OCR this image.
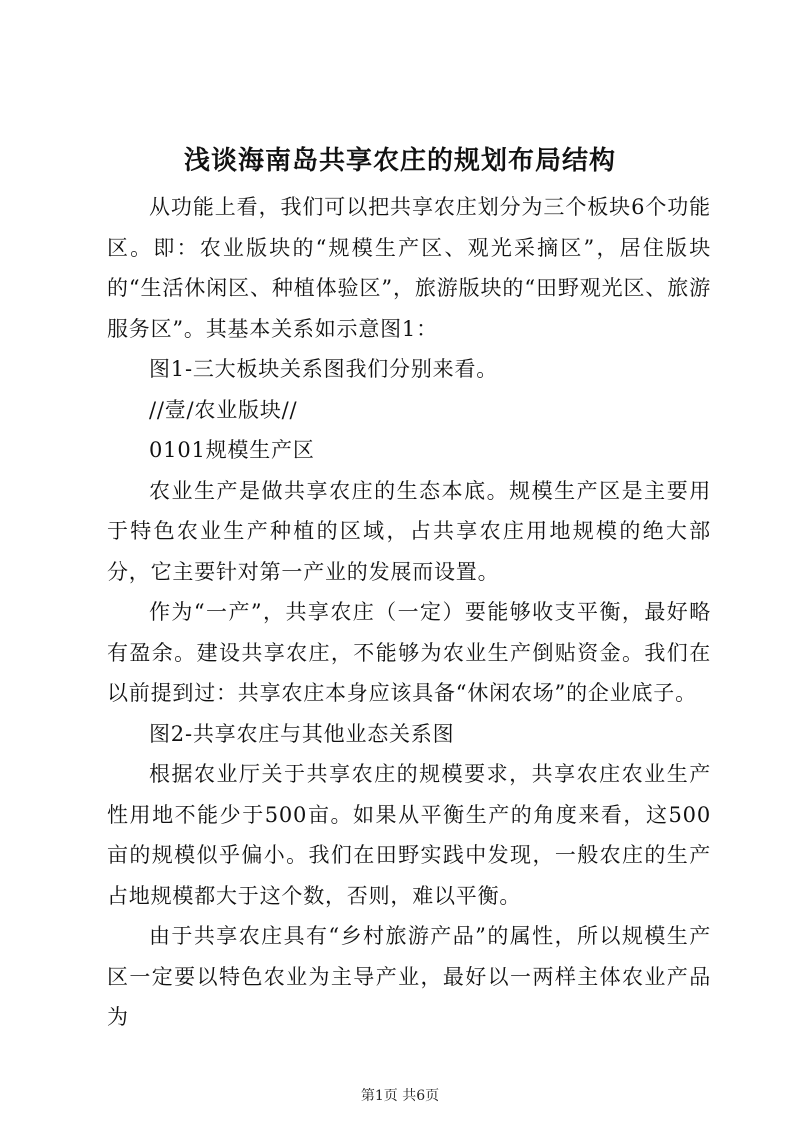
浅谈海南岛共享农庄的规划布局结构

从功能上看，我们可以把共享农庄划分为三个板块6个功能区。即：农业版块的“规模生产区、观光采摘区”，居住版块的“生活休闲区、种植体验区”，旅游版块的“田野观光区、旅游服务区”。其基本关系如示意图1：

图1-三大板块关系图我们分别来看。

//壹/农业版块//

0101规模生产区

农业生产是做共享农庄的生态本底。规模生产区是主要用于特色农业生产种植的区域，占共享农庄用地规模的绝大部分，它主要针对第一产业的发展而设置。

作为“一产”，共享农庄（一定）要能够收支平衡，最好略有盈余。建设共享农庄，不能够为农业生产倒贴资金。我们在以前提到过：共享农庄本身应该具备“休闲农场”的企业底子。

图2-共享农庄与其他业态关系图

根据农业厅关于共享农庄的规模要求，共享农庄农业生产性用地不能少于500亩。如果从平衡生产的角度来看，这500亩的规模似乎偏小。我们在田野实践中发现，一般农庄的生产占地规模都大于这个数，否则，难以平衡。

由于共享农庄具有“乡村旅游产品”的属性，所以规模生产区一定要以特色农业为主导产业，最好以一两样主体农业产品为

第1页 共6页
